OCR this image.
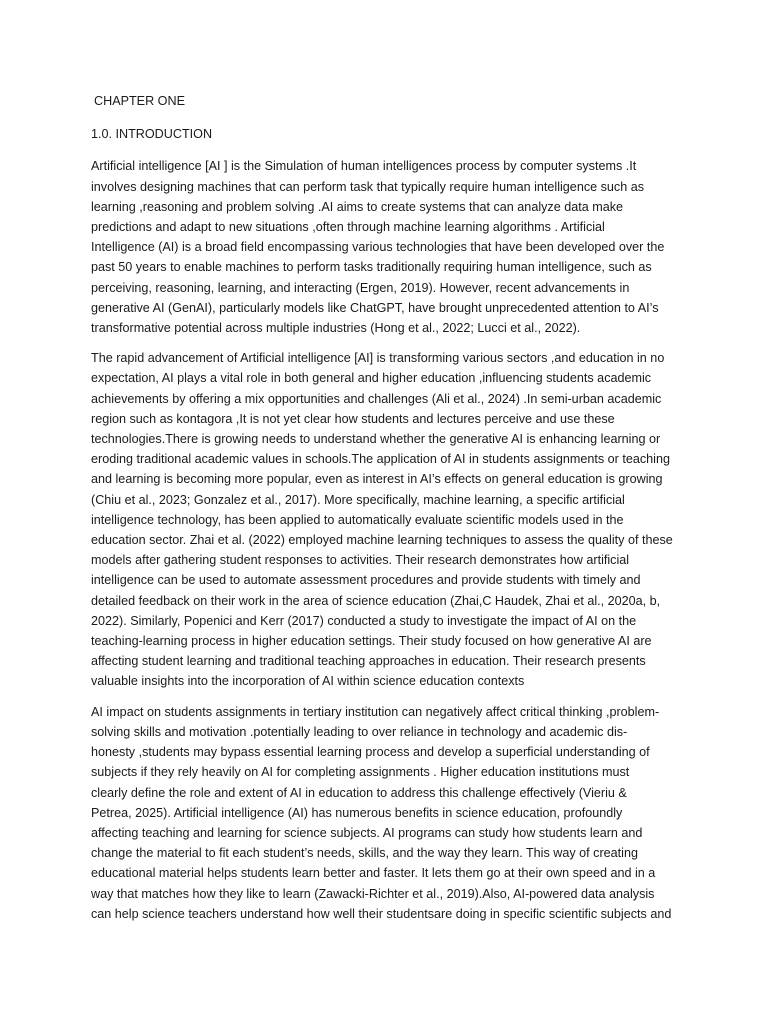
CHAPTER ONE

1.0. INTRODUCTION

Artificial intelligence [AI ] is the Simulation of human intelligences process by computer systems .It
involves designing machines that can perform task that typically require human intelligence such as
learning ,reasoning and problem solving .AI aims to create systems that can analyze data make
predictions and adapt to new situations ,often through machine learning algorithms . Artificial
Intelligence (AI) is a broad field encompassing various technologies that have been developed over the
past 50 years to enable machines to perform tasks traditionally requiring human intelligence, such as
perceiving, reasoning, learning, and interacting (Ergen, 2019). However, recent advancements in
generative AI (GenAI), particularly models like ChatGPT, have brought unprecedented attention to AI’s
transformative potential across multiple industries (Hong et al., 2022; Lucci et al., 2022).

The rapid advancement of Artificial intelligence [AI] is transforming various sectors ,and education in no
expectation, AI plays a vital role in both general and higher education ,influencing students academic
achievements by offering a mix opportunities and challenges (Ali et al., 2024) .In semi-urban academic
region such as kontagora ,It is not yet clear how students and lectures perceive and use these
technologies.There is growing needs to understand whether the generative AI is enhancing learning or
eroding traditional academic values in schools.The application of AI in students assignments or teaching
and learning is becoming more popular, even as interest in AI’s effects on general education is growing
(Chiu et al., 2023; Gonzalez et al., 2017). More specifically, machine learning, a specific artificial
intelligence technology, has been applied to automatically evaluate scientific models used in the
education sector. Zhai et al. (2022) employed machine learning techniques to assess the quality of these
models after gathering student responses to activities. Their research demonstrates how artificial
intelligence can be used to automate assessment procedures and provide students with timely and
detailed feedback on their work in the area of science education (Zhai,C Haudek, Zhai et al., 2020a, b,
2022). Similarly, Popenici and Kerr (2017) conducted a study to investigate the impact of AI on the
teaching-learning process in higher education settings. Their study focused on how generative AI are
affecting student learning and traditional teaching approaches in education. Their research presents
valuable insights into the incorporation of AI within science education contexts

AI impact on students assignments in tertiary institution can negatively affect critical thinking ,problem-
solving skills and motivation .potentially leading to over reliance in technology and academic dis-
honesty ,students may bypass essential learning process and develop a superficial understanding of
subjects if they rely heavily on AI for completing assignments . Higher education institutions must
clearly define the role and extent of AI in education to address this challenge effectively (Vieriu &
Petrea, 2025). Artificial intelligence (AI) has numerous benefits in science education, profoundly
affecting teaching and learning for science subjects. AI programs can study how students learn and
change the material to fit each student’s needs, skills, and the way they learn. This way of creating
educational material helps students learn better and faster. It lets them go at their own speed and in a
way that matches how they like to learn (Zawacki-Richter et al., 2019).Also, AI-powered data analysis
can help science teachers understand how well their studentsare doing in specific scientific subjects and
